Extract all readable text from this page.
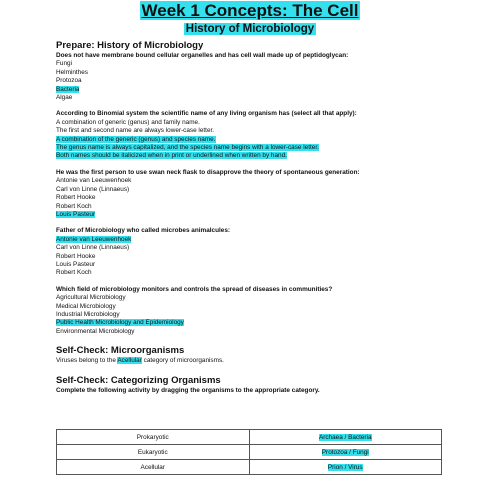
Week 1 Concepts: The Cell
History of Microbiology
Prepare: History of Microbiology

Does not have membrane bound cellular organelles and has cell wall made up of peptidoglycan:

Fungi

Helminthes

Protozoa

Bacteria

Algae

According to Binomial system the scientific name of any living organism has (select all that apply):

A combination of generic (genus) and family name.

The first and second name are always lower-case letter.

A combination of the generic (genus) and species name.

The genus name is always capitalized, and the species name begins with a lower-case letter.

Both names should be italicized when in print or underlined when written by hand.

He was the first person to use swan neck flask to disapprove the theory of spontaneous generation:

Antonie van Leeuwenhoek

Carl von Linne (Linnaeus)

Robert Hooke

Robert Koch

Louis Pasteur

Father of Microbiology who called microbes animalcules:

Antonie van Leeuwenhoek

Carl von Linne (Linnaeus)

Robert Hooke

Louis Pasteur

Robert Koch

Which field of microbiology monitors and controls the spread of diseases in communities?

Agricultural Microbiology

Medical Microbiology

Industrial Microbiology

Public Health Microbiology and Epidemiology

Environmental Microbiology

Self-Check: Microorganisms

Viruses belong to the Acellular category of microorganisms.

Self-Check: Categorizing Organisms

Complete the following activity by dragging the organisms to the appropriate category.

Prokaryotic	Archaea / Bacteria
Eukaryotic	Protozoa / Fungi
Acellular	Prion / Virus
